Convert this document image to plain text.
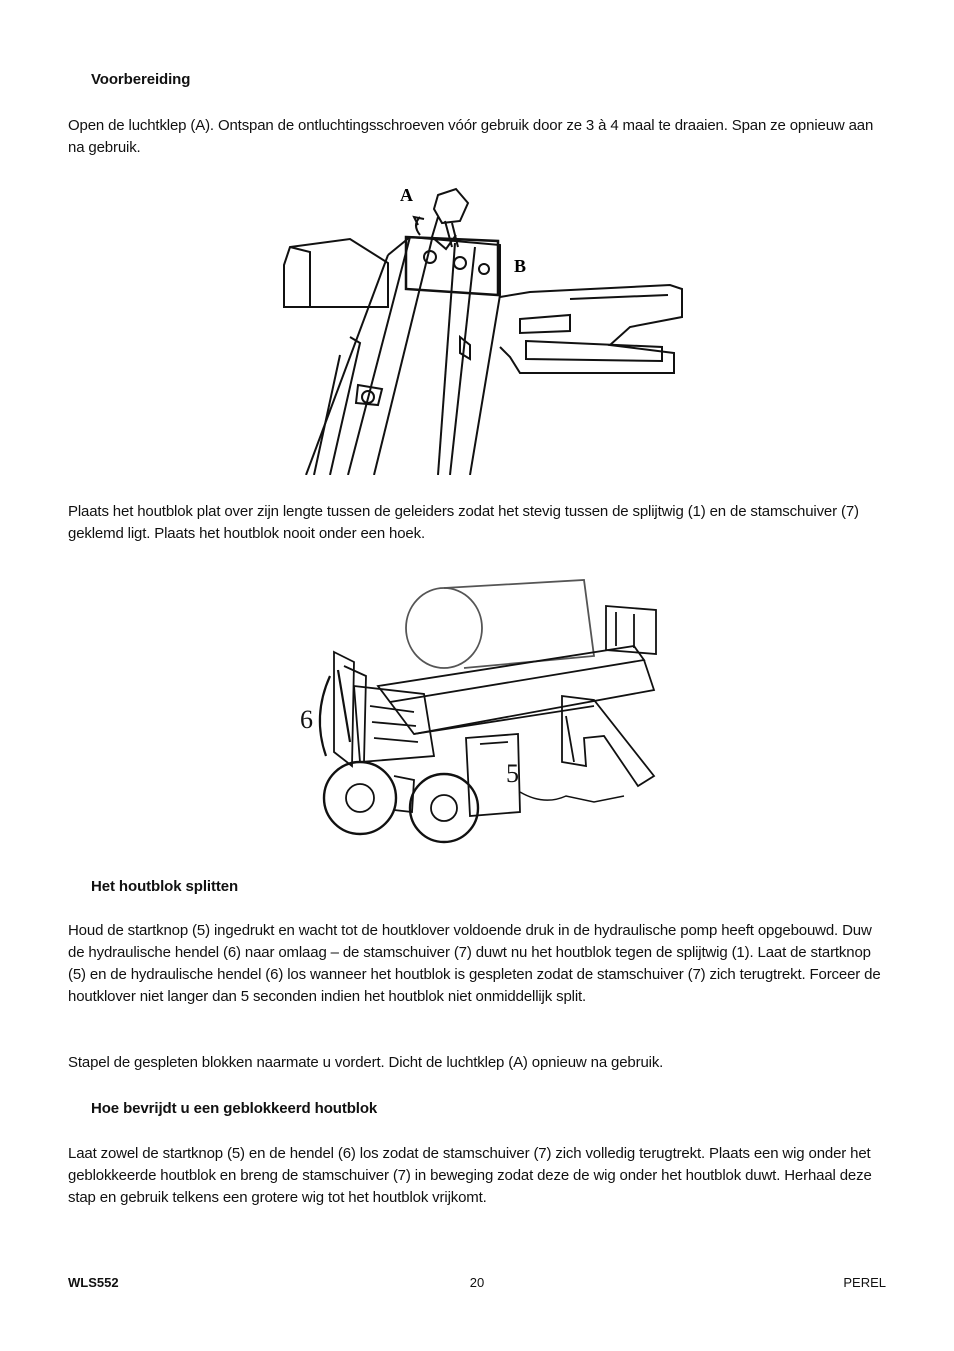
Voorbereiding
Open de luchtklep (A). Ontspan de ontluchtingsschroeven vóór gebruik door ze 3 à 4 maal te draaien. Span ze opnieuw aan na gebruik.
A
B
Plaats het houtblok plat over zijn lengte tussen de geleiders zodat het stevig tussen de splijtwig (1) en de stamschuiver (7) geklemd ligt. Plaats het houtblok nooit onder een hoek.
6
5
Het houtblok splitten
Houd de startknop (5) ingedrukt en wacht tot de houtklover voldoende druk in de hydraulische pomp heeft opgebouwd. Duw de hydraulische hendel (6) naar omlaag – de stamschuiver (7) duwt nu het houtblok tegen de splijtwig (1). Laat de startknop (5) en de hydraulische hendel (6) los wanneer het houtblok is gespleten zodat de stamschuiver (7) zich terugtrekt. Forceer de houtklover niet langer dan 5 seconden indien het houtblok niet onmiddellijk split.
Stapel de gespleten blokken naarmate u vordert. Dicht de luchtklep (A) opnieuw na gebruik.
Hoe bevrijdt u een geblokkeerd houtblok
Laat zowel de startknop (5) en de hendel (6) los zodat de stamschuiver (7) zich volledig terugtrekt. Plaats een wig onder het geblokkeerde houtblok en breng de stamschuiver (7) in beweging zodat deze de wig onder het houtblok duwt. Herhaal deze stap en gebruik telkens een grotere wig tot het houtblok vrijkomt.
WLS552	20	PEREL
